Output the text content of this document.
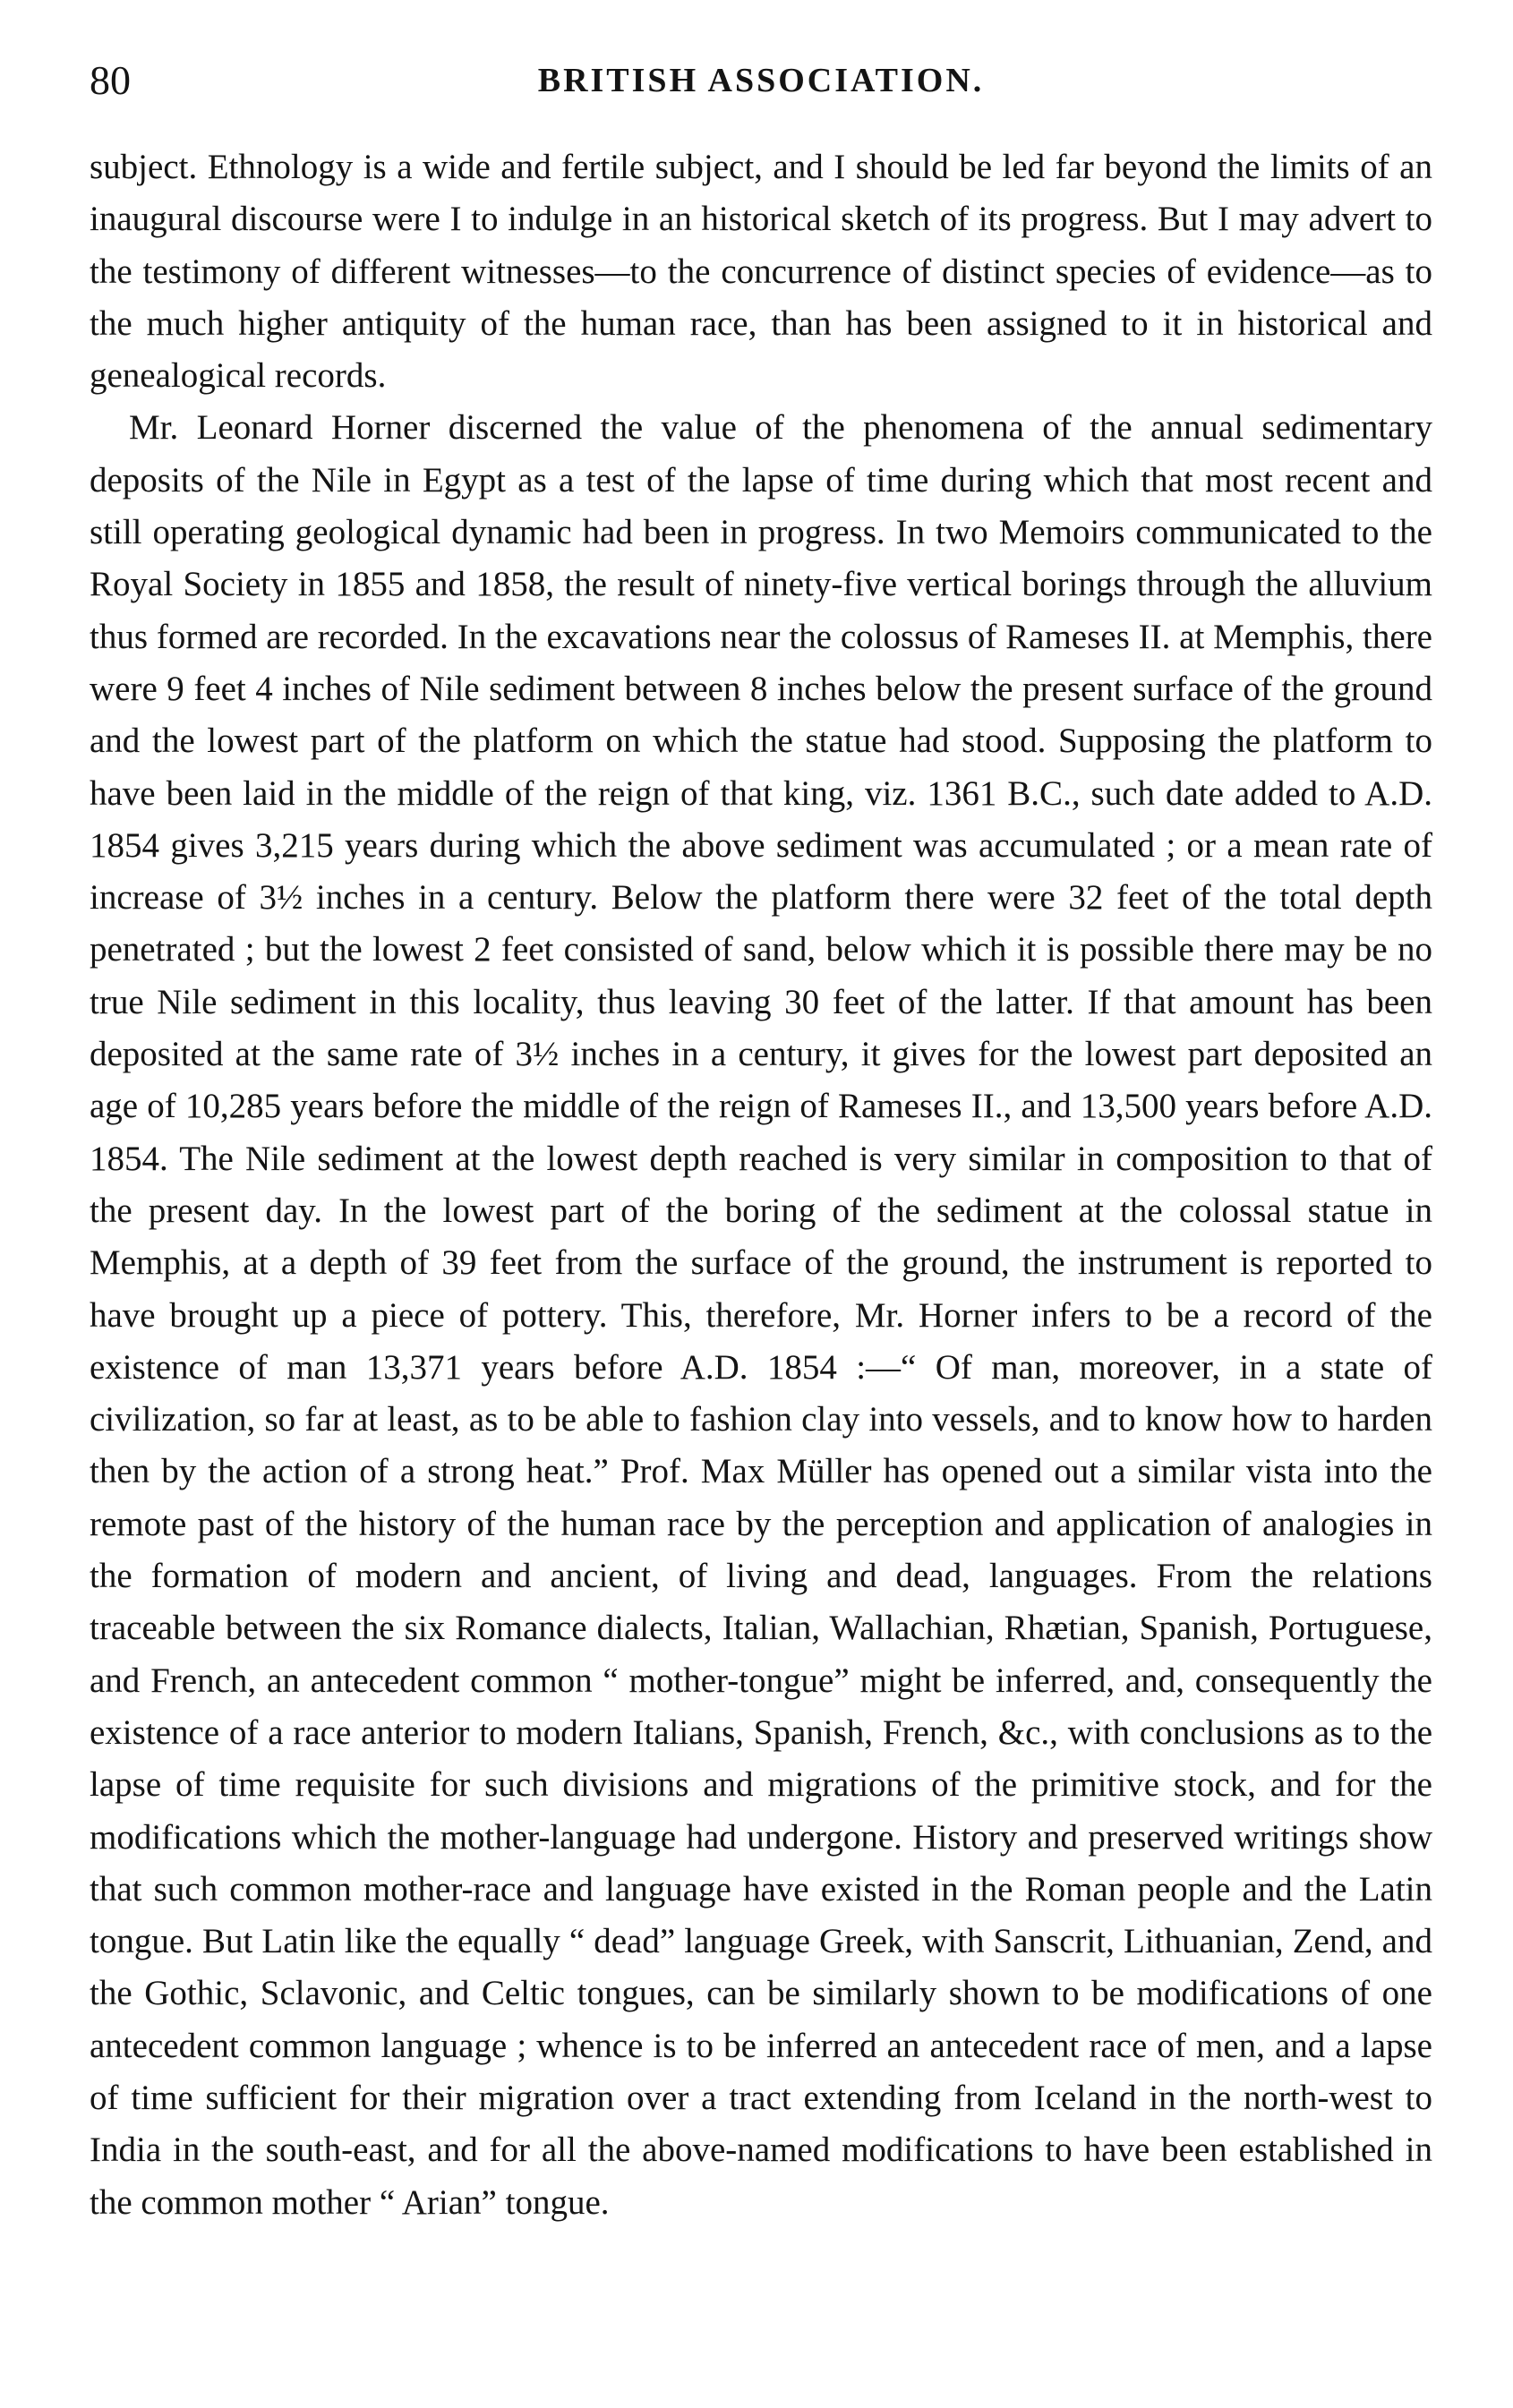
80	BRITISH ASSOCIATION.

subject. Ethnology is a wide and fertile subject, and I should be led far beyond the limits of an inaugural discourse were I to indulge in an historical sketch of its progress. But I may advert to the testimony of different witnesses—to the concurrence of distinct species of evidence—as to the much higher antiquity of the human race, than has been assigned to it in historical and genealogical records.

Mr. Leonard Horner discerned the value of the phenomena of the annual sedimentary deposits of the Nile in Egypt as a test of the lapse of time during which that most recent and still operating geological dynamic had been in progress. In two Memoirs communicated to the Royal Society in 1855 and 1858, the result of ninety-five vertical borings through the alluvium thus formed are recorded. In the excavations near the colossus of Rameses II. at Memphis, there were 9 feet 4 inches of Nile sediment between 8 inches below the present surface of the ground and the lowest part of the platform on which the statue had stood. Supposing the platform to have been laid in the middle of the reign of that king, viz. 1361 B.C., such date added to A.D. 1854 gives 3,215 years during which the above sediment was accumulated ; or a mean rate of increase of 3½ inches in a century. Below the platform there were 32 feet of the total depth penetrated ; but the lowest 2 feet consisted of sand, below which it is possible there may be no true Nile sediment in this locality, thus leaving 30 feet of the latter. If that amount has been deposited at the same rate of 3½ inches in a century, it gives for the lowest part deposited an age of 10,285 years before the middle of the reign of Rameses II., and 13,500 years before A.D. 1854. The Nile sediment at the lowest depth reached is very similar in composition to that of the present day. In the lowest part of the boring of the sediment at the colossal statue in Memphis, at a depth of 39 feet from the surface of the ground, the instrument is reported to have brought up a piece of pottery. This, therefore, Mr. Horner infers to be a record of the existence of man 13,371 years before A.D. 1854 :—“ Of man, moreover, in a state of civilization, so far at least, as to be able to fashion clay into vessels, and to know how to harden then by the action of a strong heat.” Prof. Max Müller has opened out a similar vista into the remote past of the history of the human race by the perception and application of analogies in the formation of modern and ancient, of living and dead, languages. From the relations traceable between the six Romance dialects, Italian, Wallachian, Rhætian, Spanish, Portuguese, and French, an antecedent common “ mother-tongue” might be inferred, and, consequently the existence of a race anterior to modern Italians, Spanish, French, &c., with conclusions as to the lapse of time requisite for such divisions and migrations of the primitive stock, and for the modifications which the mother-language had undergone. History and preserved writings show that such common mother-race and language have existed in the Roman people and the Latin tongue. But Latin like the equally “ dead” language Greek, with Sanscrit, Lithuanian, Zend, and the Gothic, Sclavonic, and Celtic tongues, can be similarly shown to be modifications of one antecedent common language ; whence is to be inferred an antecedent race of men, and a lapse of time sufficient for their migration over a tract extending from Iceland in the north-west to India in the south-east, and for all the above-named modifications to have been established in the common mother “ Arian” tongue.
